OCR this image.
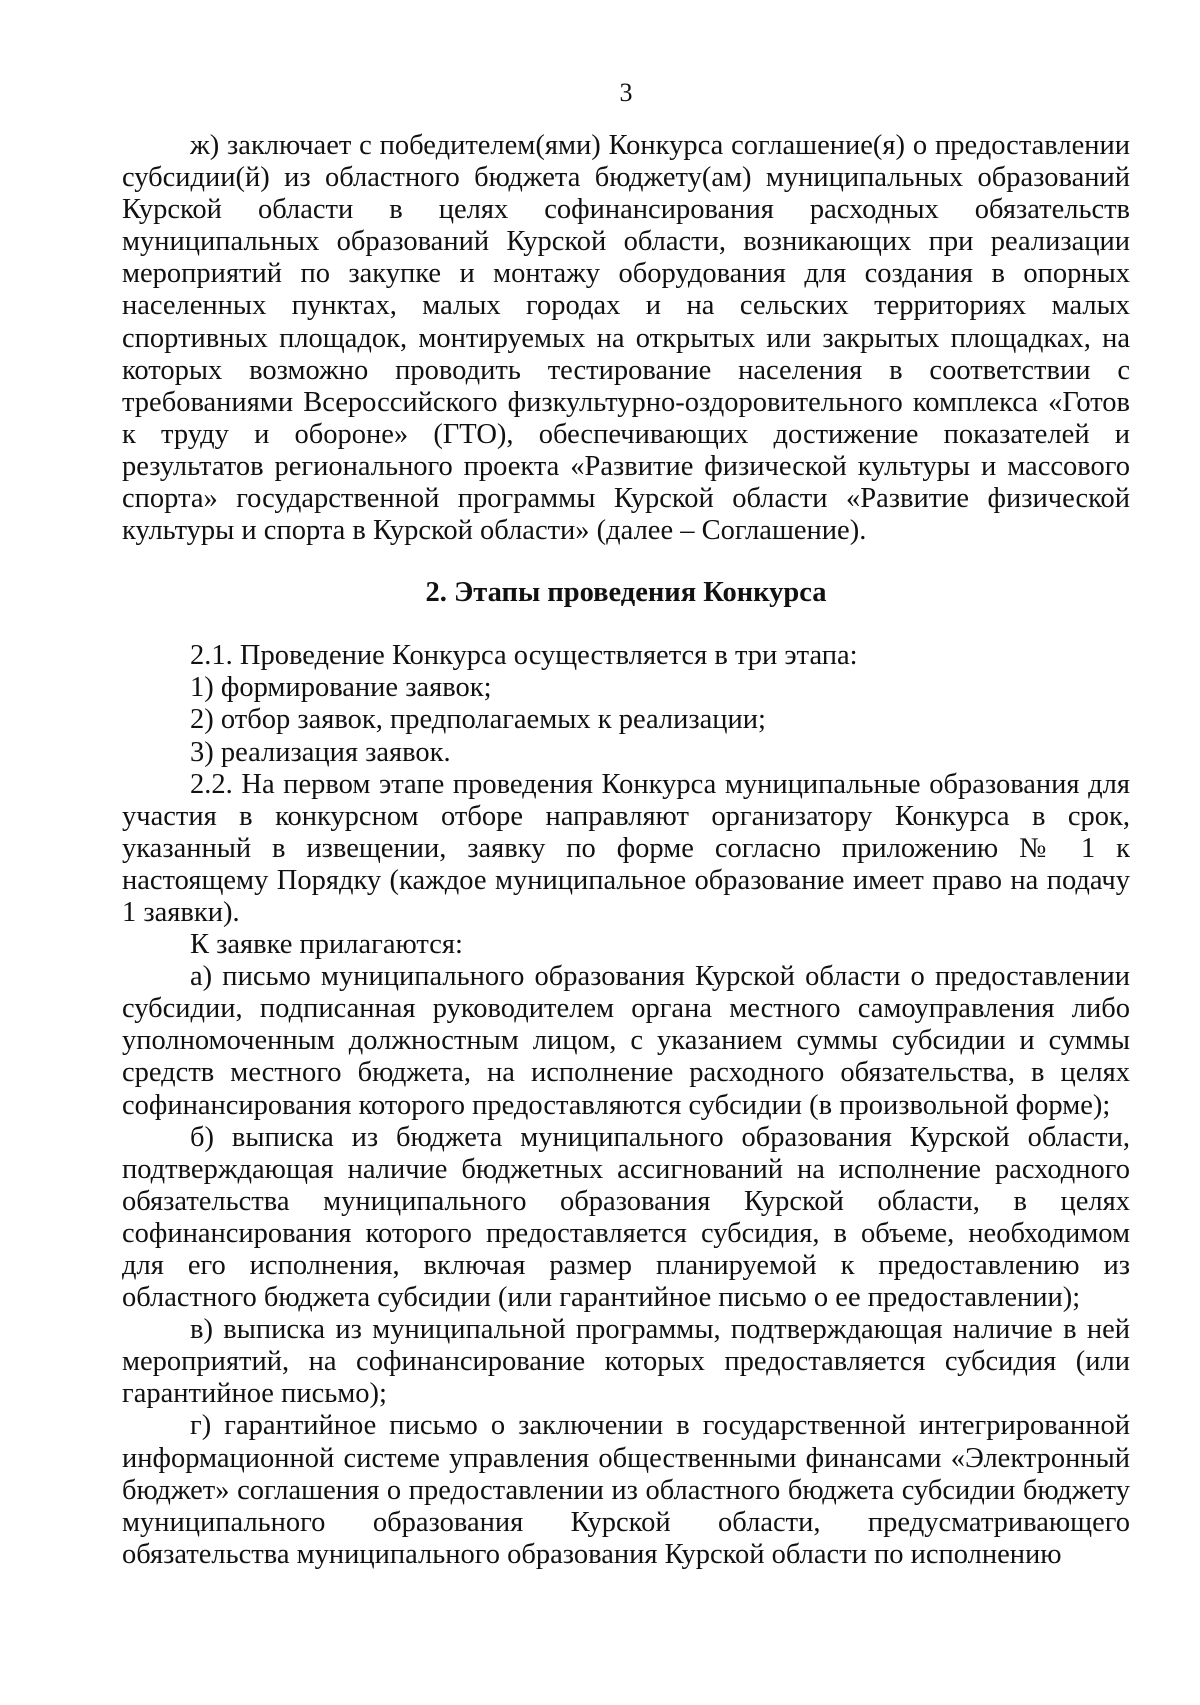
3

ж) заключает с победителем(ями) Конкурса соглашение(я) о предоставлении субсидии(й) из областного бюджета бюджету(ам) муниципальных образований Курской области в целях софинансирования расходных обязательств муниципальных образований Курской области, возникающих при реализации мероприятий по закупке и монтажу оборудования для создания в опорных населенных пунктах, малых городах и на сельских территориях малых спортивных площадок, монтируемых на открытых или закрытых площадках, на которых возможно проводить тестирование населения в соответствии с требованиями Всероссийского физкультурно-оздоровительного комплекса «Готов к труду и обороне» (ГТО), обеспечивающих достижение показателей и результатов регионального проекта «Развитие физической культуры и массового спорта» государственной программы Курской области «Развитие физической культуры и спорта в Курской области» (далее – Соглашение).

2. Этапы проведения Конкурса

2.1. Проведение Конкурса осуществляется в три этапа:

1) формирование заявок;

2) отбор заявок, предполагаемых к реализации;

3) реализация заявок.

2.2. На первом этапе проведения Конкурса муниципальные образования для участия в конкурсном отборе направляют организатору Конкурса в срок, указанный в извещении, заявку по форме согласно приложению № 1 к настоящему Порядку (каждое муниципальное образование имеет право на подачу 1 заявки).

К заявке прилагаются:

а) письмо муниципального образования Курской области о предоставлении субсидии, подписанная руководителем органа местного самоуправления либо уполномоченным должностным лицом, с указанием суммы субсидии и суммы средств местного бюджета, на исполнение расходного обязательства, в целях софинансирования которого предоставляются субсидии (в произвольной форме);

б) выписка из бюджета муниципального образования Курской области, подтверждающая наличие бюджетных ассигнований на исполнение расходного обязательства муниципального образования Курской области, в целях софинансирования которого предоставляется субсидия, в объеме, необходимом для его исполнения, включая размер планируемой к предоставлению из областного бюджета субсидии (или гарантийное письмо о ее предоставлении);

в) выписка из муниципальной программы, подтверждающая наличие в ней мероприятий, на софинансирование которых предоставляется субсидия (или гарантийное письмо);

г) гарантийное письмо о заключении в государственной интегрированной информационной системе управления общественными финансами «Электронный бюджет» соглашения о предоставлении из областного бюджета субсидии бюджету муниципального образования Курской области, предусматривающего обязательства муниципального образования Курской области по исполнению
